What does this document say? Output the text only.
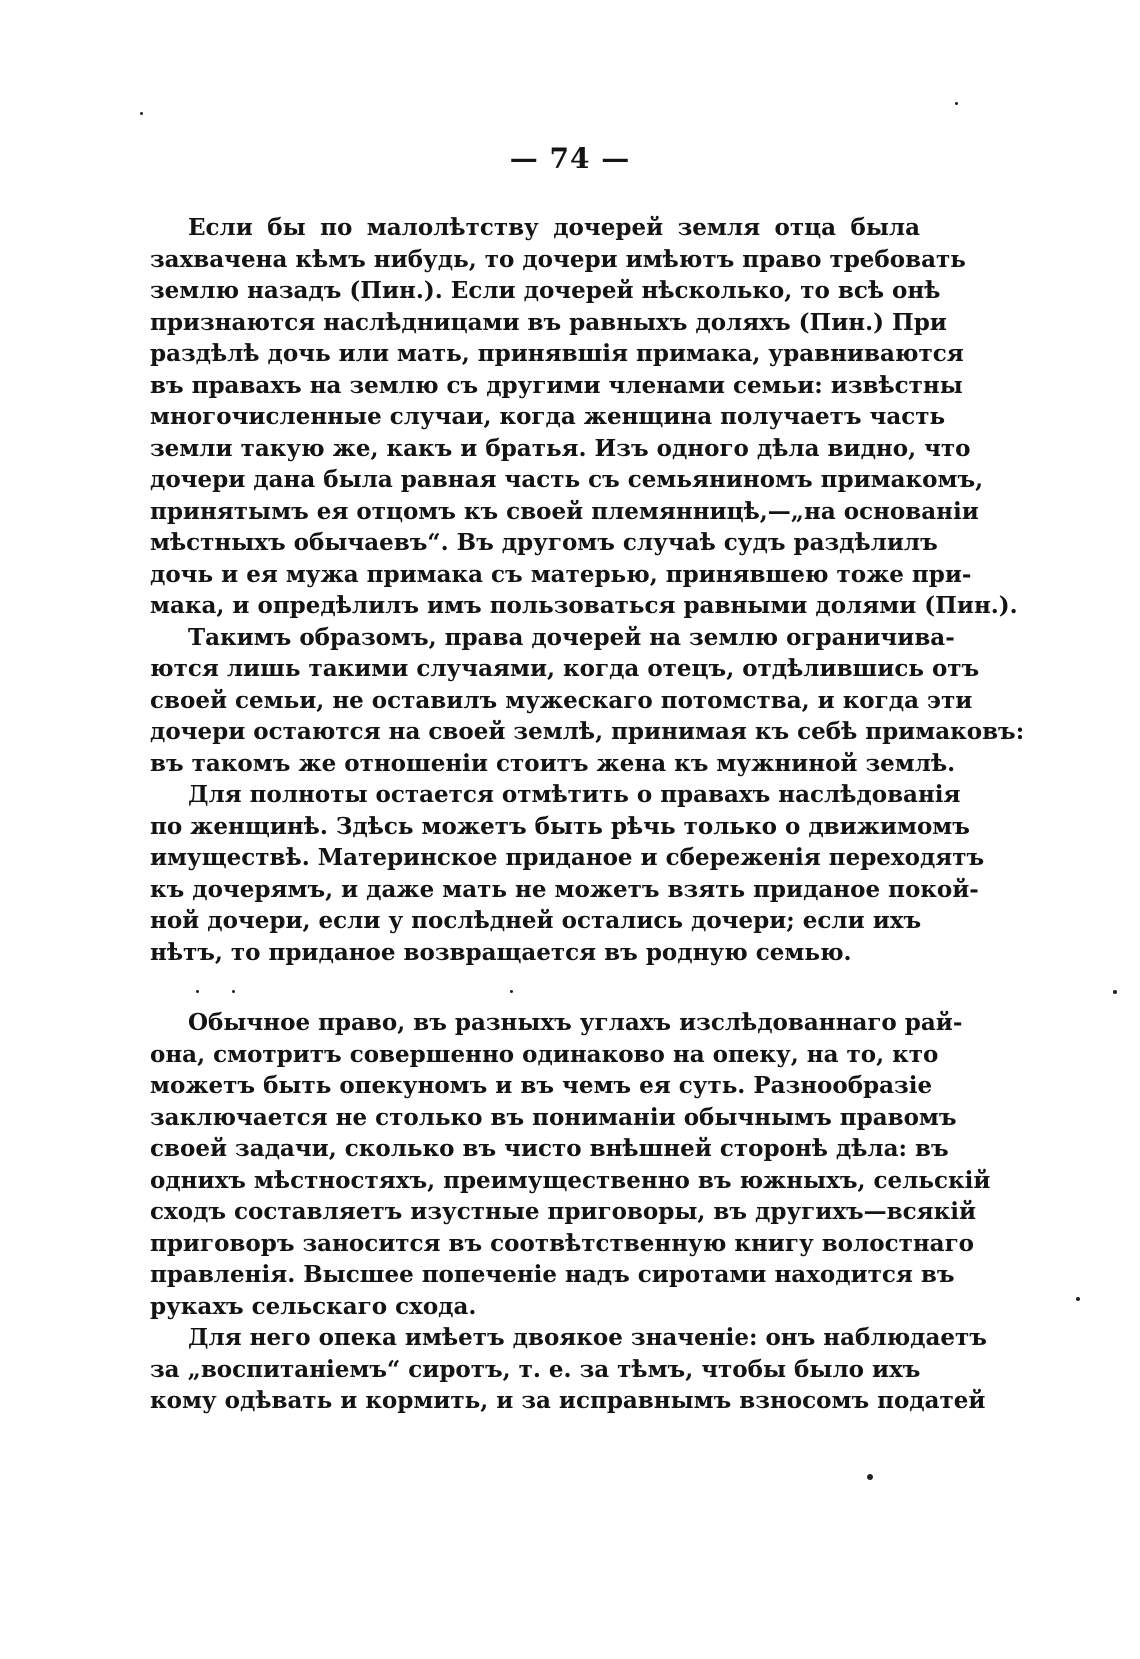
— 74 —
Если бы по малолѣтству дочерей земля отца была
захвачена кѣмъ нибудь, то дочери имѣютъ право требовать
землю назадъ (Пин.). Если дочерей нѣсколько, то всѣ онѣ
признаются наслѣдницами въ равныхъ доляхъ (Пин.) При
раздѣлѣ дочь или мать, принявшія примака, уравниваются
въ правахъ на землю съ другими членами семьи: извѣстны
многочисленные случаи, когда женщина получаетъ часть
земли такую же, какъ и братья. Изъ одного дѣла видно, что
дочери дана была равная часть съ семьяниномъ примакомъ,
принятымъ ея отцомъ къ своей племянницѣ,—„на основаніи
мѣстныхъ обычаевъ“. Въ другомъ случаѣ судъ раздѣлилъ
дочь и ея мужа примака съ матерью, принявшею тоже при-
мака, и опредѣлилъ имъ пользоваться равными долями (Пин.).
Такимъ образомъ, права дочерей на землю ограничива-
ются лишь такими случаями, когда отецъ, отдѣлившись отъ
своей семьи, не оставилъ мужескаго потомства, и когда эти
дочери остаются на своей землѣ, принимая къ себѣ примаковъ:
въ такомъ же отношеніи стоитъ жена къ мужниной землѣ.
Для полноты остается отмѣтить о правахъ наслѣдованія
по женщинѣ. Здѣсь можетъ быть рѣчь только о движимомъ
имуществѣ. Материнское приданое и сбереженія переходятъ
къ дочерямъ, и даже мать не можетъ взять приданое покой-
ной дочери, если у послѣдней остались дочери; если ихъ
нѣтъ, то приданое возвращается въ родную семью.
Обычное право, въ разныхъ углахъ изслѣдованнаго рай-
она, смотритъ совершенно одинаково на опеку, на то, кто
можетъ быть опекуномъ и въ чемъ ея суть. Разнообразіе
заключается не столько въ пониманіи обычнымъ правомъ
своей задачи, сколько въ чисто внѣшней сторонѣ дѣла: въ
однихъ мѣстностяхъ, преимущественно въ южныхъ, сельскій
сходъ составляетъ изустные приговоры, въ другихъ—всякій
приговоръ заносится въ соотвѣтственную книгу волостнаго
правленія. Высшее попеченіе надъ сиротами находится въ
рукахъ сельскаго схода.
Для него опека имѣетъ двоякое значеніе: онъ наблюдаетъ
за „воспитаніемъ“ сиротъ, т. е. за тѣмъ, чтобы было ихъ
кому одѣвать и кормить, и за исправнымъ взносомъ податей
